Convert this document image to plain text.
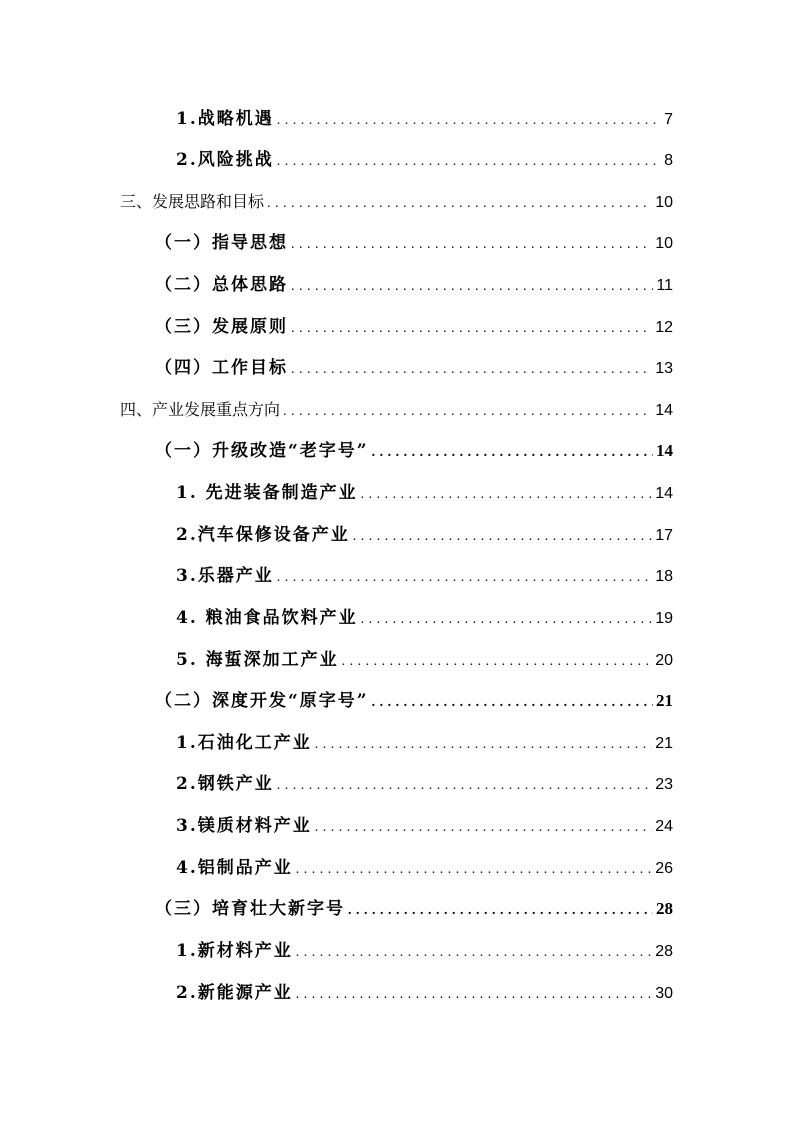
1.战略机遇 . . .	7
2.风险挑战 . . .	8
三、发展思路和目标 . . .	10
（一）指导思想 . . .	10
（二）总体思路 . . .	11
（三）发展原则 . . .	12
（四）工作目标 . . .	13
四、产业发展重点方向 . . .	14
（一）升级改造“老字号” . . .	14
1. 先进装备制造产业 . . .	14
2.汽车保修设备产业 . . .	17
3.乐器产业 . . .	18
4. 粮油食品饮料产业 . . .	19
5. 海蜇深加工产业 . . .	20
（二）深度开发“原字号” . . .	21
1.石油化工产业 . . .	21
2.钢铁产业 . . .	23
3.镁质材料产业 . . .	24
4.铝制品产业 . . .	26
（三）培育壮大新字号 . . .	28
1.新材料产业 . . .	28
2.新能源产业 . . .	30
